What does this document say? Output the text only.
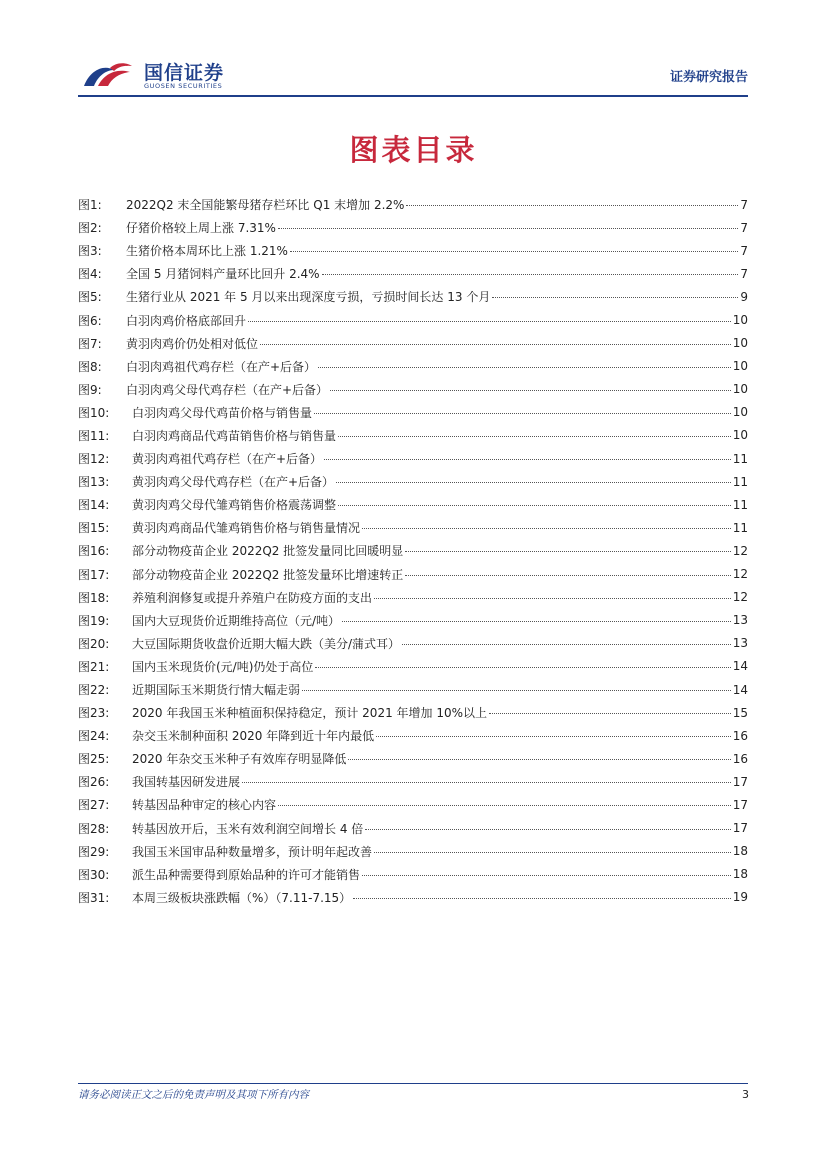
国信证券
GUOSEN SECURITIES
证券研究报告
图表目录
图1:	2022Q2 末全国能繁母猪存栏环比 Q1 末增加 2.2%	7
图2:	仔猪价格较上周上涨 7.31%	7
图3:	生猪价格本周环比上涨 1.21%	7
图4:	全国 5 月猪饲料产量环比回升 2.4%	7
图5:	生猪行业从 2021 年 5 月以来出现深度亏损，亏损时间长达 13 个月	9
图6:	白羽肉鸡价格底部回升	10
图7:	黄羽肉鸡价仍处相对低位	10
图8:	白羽肉鸡祖代鸡存栏（在产+后备）	10
图9:	白羽肉鸡父母代鸡存栏（在产+后备）	10
图10:	白羽肉鸡父母代鸡苗价格与销售量	10
图11:	白羽肉鸡商品代鸡苗销售价格与销售量	10
图12:	黄羽肉鸡祖代鸡存栏（在产+后备）	11
图13:	黄羽肉鸡父母代鸡存栏（在产+后备）	11
图14:	黄羽肉鸡父母代雏鸡销售价格震荡调整	11
图15:	黄羽肉鸡商品代雏鸡销售价格与销售量情况	11
图16:	部分动物疫苗企业 2022Q2 批签发量同比回暖明显	12
图17:	部分动物疫苗企业 2022Q2 批签发量环比增速转正	12
图18:	养殖利润修复或提升养殖户在防疫方面的支出	12
图19:	国内大豆现货价近期维持高位（元/吨）	13
图20:	大豆国际期货收盘价近期大幅大跌（美分/蒲式耳）	13
图21:	国内玉米现货价(元/吨)仍处于高位	14
图22:	近期国际玉米期货行情大幅走弱	14
图23:	2020 年我国玉米种植面积保持稳定，预计 2021 年增加 10%以上	15
图24:	杂交玉米制种面积 2020 年降到近十年内最低	16
图25:	2020 年杂交玉米种子有效库存明显降低	16
图26:	我国转基因研发进展	17
图27:	转基因品种审定的核心内容	17
图28:	转基因放开后，玉米有效利润空间增长 4 倍	17
图29:	我国玉米国审品种数量增多，预计明年起改善	18
图30:	派生品种需要得到原始品种的许可才能销售	18
图31:	本周三级板块涨跌幅（%）（7.11-7.15）	19
请务必阅读正文之后的免责声明及其项下所有内容	3
